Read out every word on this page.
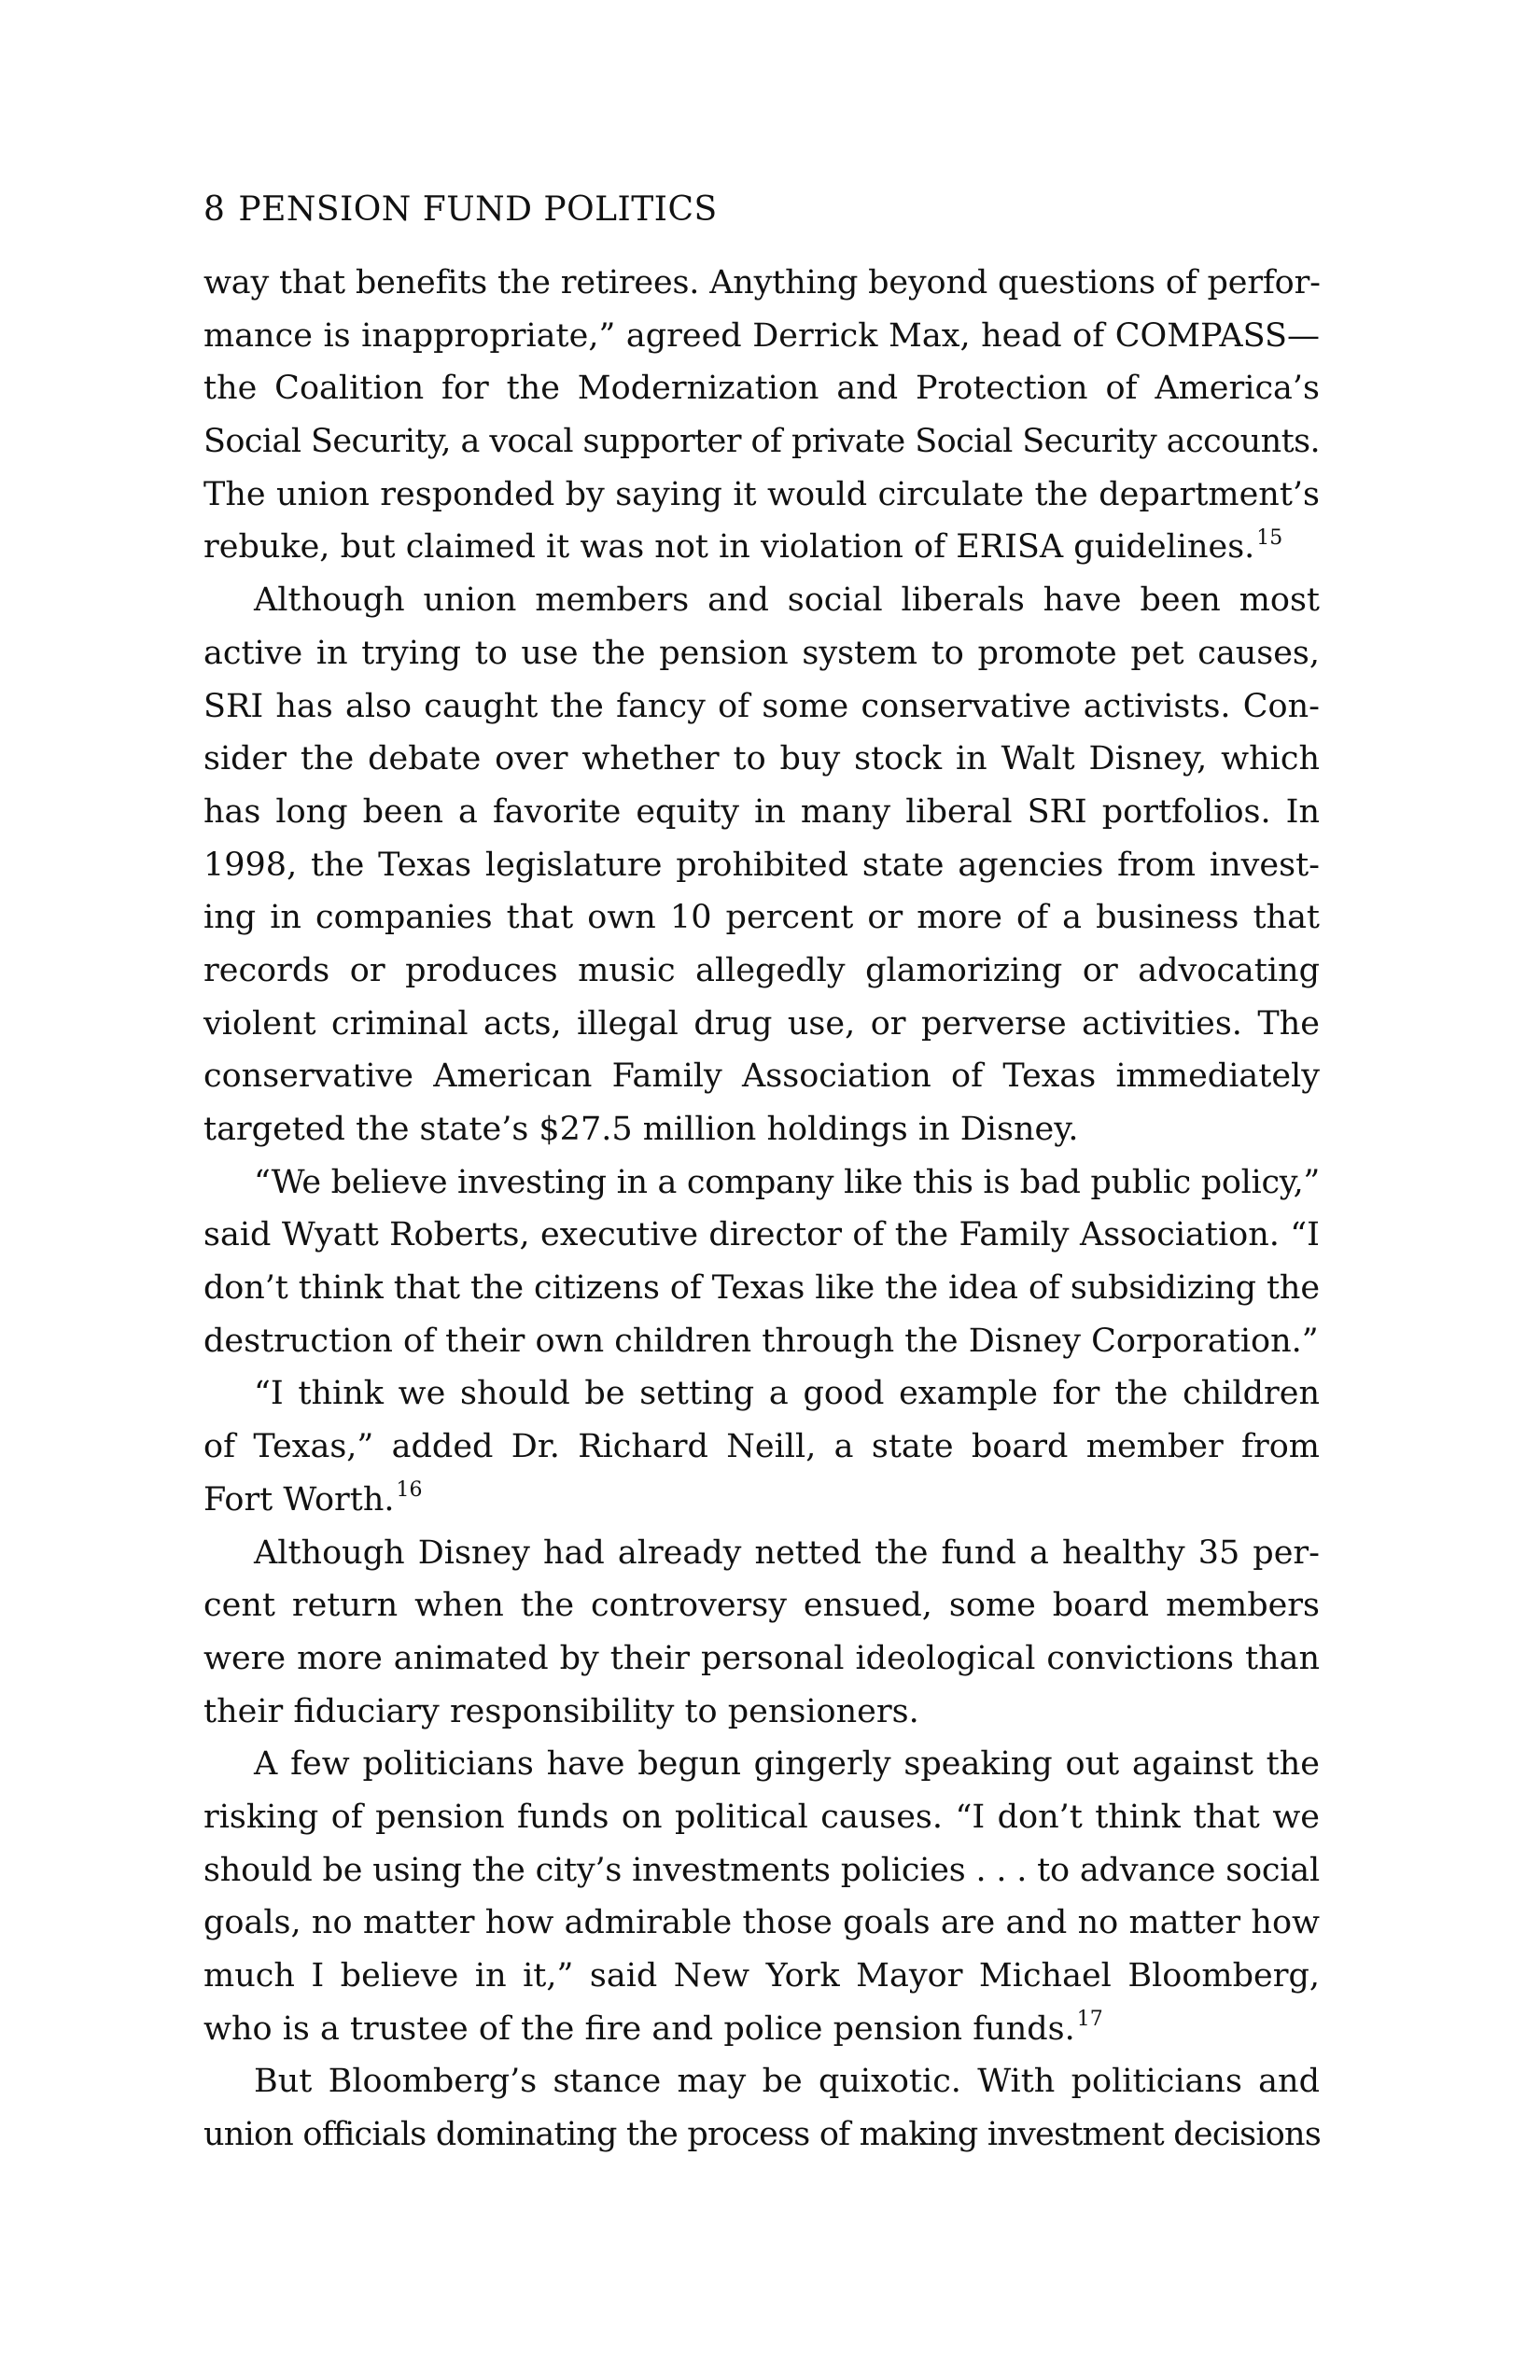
8 PENSION FUND POLITICS

way that benefits the retirees. Anything beyond questions of perfor-
mance is inappropriate,” agreed Derrick Max, head of COMPASS—
the Coalition for the Modernization and Protection of America’s
Social Security, a vocal supporter of private Social Security accounts.
The union responded by saying it would circulate the department’s
rebuke, but claimed it was not in violation of ERISA guidelines.$^{15}$

Although union members and social liberals have been most
active in trying to use the pension system to promote pet causes,
SRI has also caught the fancy of some conservative activists. Con-
sider the debate over whether to buy stock in Walt Disney, which
has long been a favorite equity in many liberal SRI portfolios. In
1998, the Texas legislature prohibited state agencies from invest-
ing in companies that own 10 percent or more of a business that
records or produces music allegedly glamorizing or advocating
violent criminal acts, illegal drug use, or perverse activities. The
conservative American Family Association of Texas immediately
targeted the state’s $27.5 million holdings in Disney.

“We believe investing in a company like this is bad public policy,”
said Wyatt Roberts, executive director of the Family Association. “I
don’t think that the citizens of Texas like the idea of subsidizing the
destruction of their own children through the Disney Corporation.”

“I think we should be setting a good example for the children
of Texas,” added Dr. Richard Neill, a state board member from
Fort Worth.$^{16}$

Although Disney had already netted the fund a healthy 35 per-
cent return when the controversy ensued, some board members
were more animated by their personal ideological convictions than
their fiduciary responsibility to pensioners.

A few politicians have begun gingerly speaking out against the
risking of pension funds on political causes. “I don’t think that we
should be using the city’s investments policies . . . to advance social
goals, no matter how admirable those goals are and no matter how
much I believe in it,” said New York Mayor Michael Bloomberg,
who is a trustee of the fire and police pension funds.$^{17}$

But Bloomberg’s stance may be quixotic. With politicians and
union officials dominating the process of making investment decisions
